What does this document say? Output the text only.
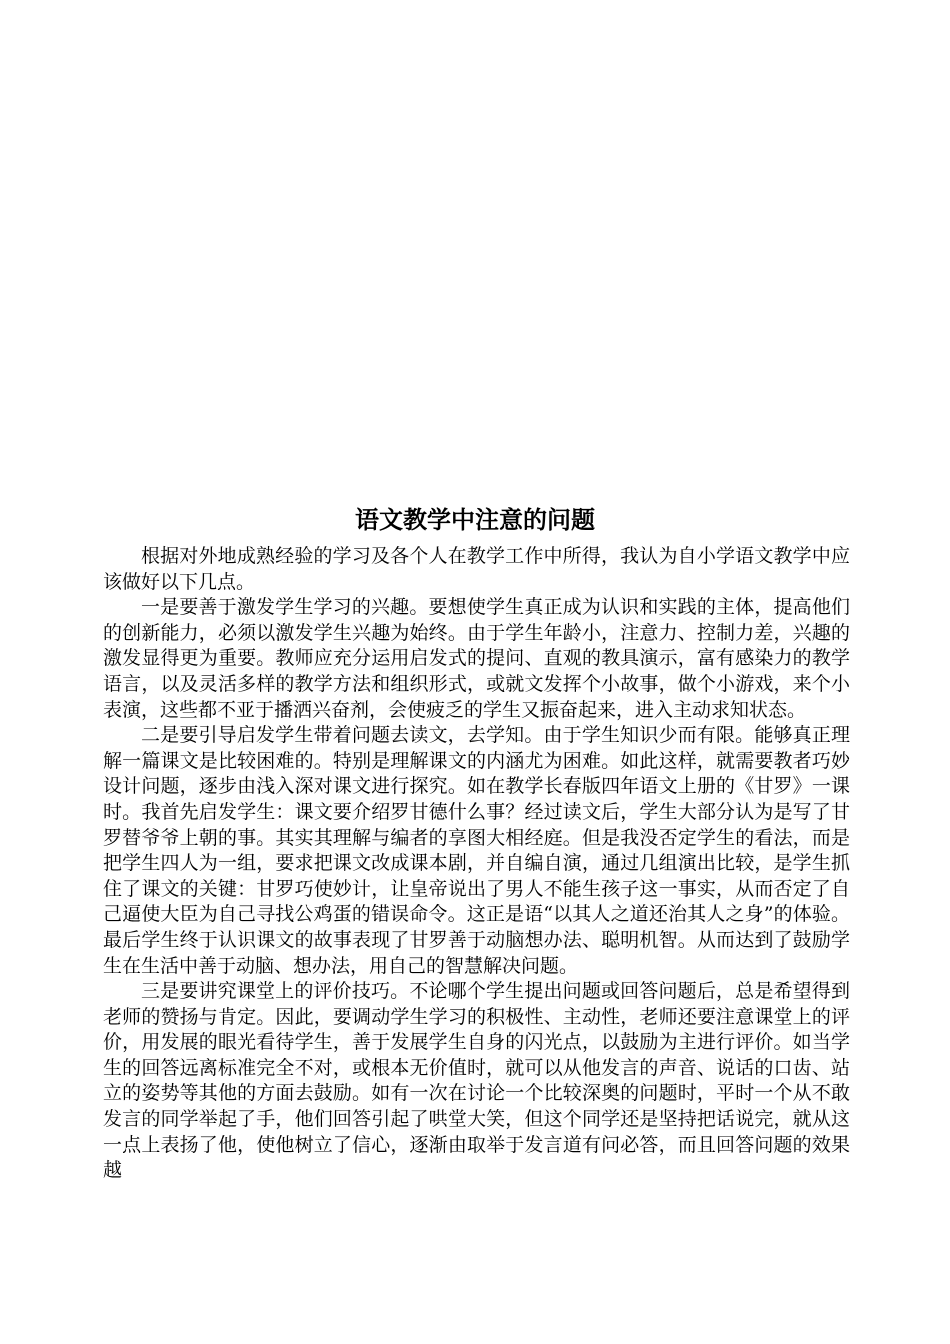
语文教学中注意的问题

根据对外地成熟经验的学习及各个人在教学工作中所得，我认为自小学语文教学中应该做好以下几点。

一是要善于激发学生学习的兴趣。要想使学生真正成为认识和实践的主体，提高他们的创新能力，必须以激发学生兴趣为始终。由于学生年龄小，注意力、控制力差，兴趣的激发显得更为重要。教师应充分运用启发式的提问、直观的教具演示，富有感染力的教学语言，以及灵活多样的教学方法和组织形式，或就文发挥个小故事，做个小游戏，来个小表演，这些都不亚于播洒兴奋剂，会使疲乏的学生又振奋起来，进入主动求知状态。

二是要引导启发学生带着问题去读文，去学知。由于学生知识少而有限。能够真正理解一篇课文是比较困难的。特别是理解课文的内涵尤为困难。如此这样，就需要教者巧妙设计问题，逐步由浅入深对课文进行探究。如在教学长春版四年语文上册的《甘罗》一课时。我首先启发学生：课文要介绍罗甘德什么事？经过读文后，学生大部分认为是写了甘罗替爷爷上朝的事。其实其理解与编者的享图大相经庭。但是我没否定学生的看法，而是把学生四人为一组，要求把课文改成课本剧，并自编自演，通过几组演出比较，是学生抓住了课文的关键：甘罗巧使妙计，让皇帝说出了男人不能生孩子这一事实，从而否定了自己逼使大臣为自己寻找公鸡蛋的错误命令。这正是语“以其人之道还治其人之身”的体验。最后学生终于认识课文的故事表现了甘罗善于动脑想办法、聪明机智。从而达到了鼓励学生在生活中善于动脑、想办法，用自己的智慧解决问题。

三是要讲究课堂上的评价技巧。不论哪个学生提出问题或回答问题后，总是希望得到老师的赞扬与肯定。因此，要调动学生学习的积极性、主动性，老师还要注意课堂上的评价，用发展的眼光看待学生，善于发展学生自身的闪光点，以鼓励为主进行评价。如当学生的回答远离标准完全不对，或根本无价值时，就可以从他发言的声音、说话的口齿、站立的姿势等其他的方面去鼓励。如有一次在讨论一个比较深奥的问题时，平时一个从不敢发言的同学举起了手，他们回答引起了哄堂大笑，但这个同学还是坚持把话说完，就从这一点上表扬了他，使他树立了信心，逐渐由取举于发言道有问必答，而且回答问题的效果越
